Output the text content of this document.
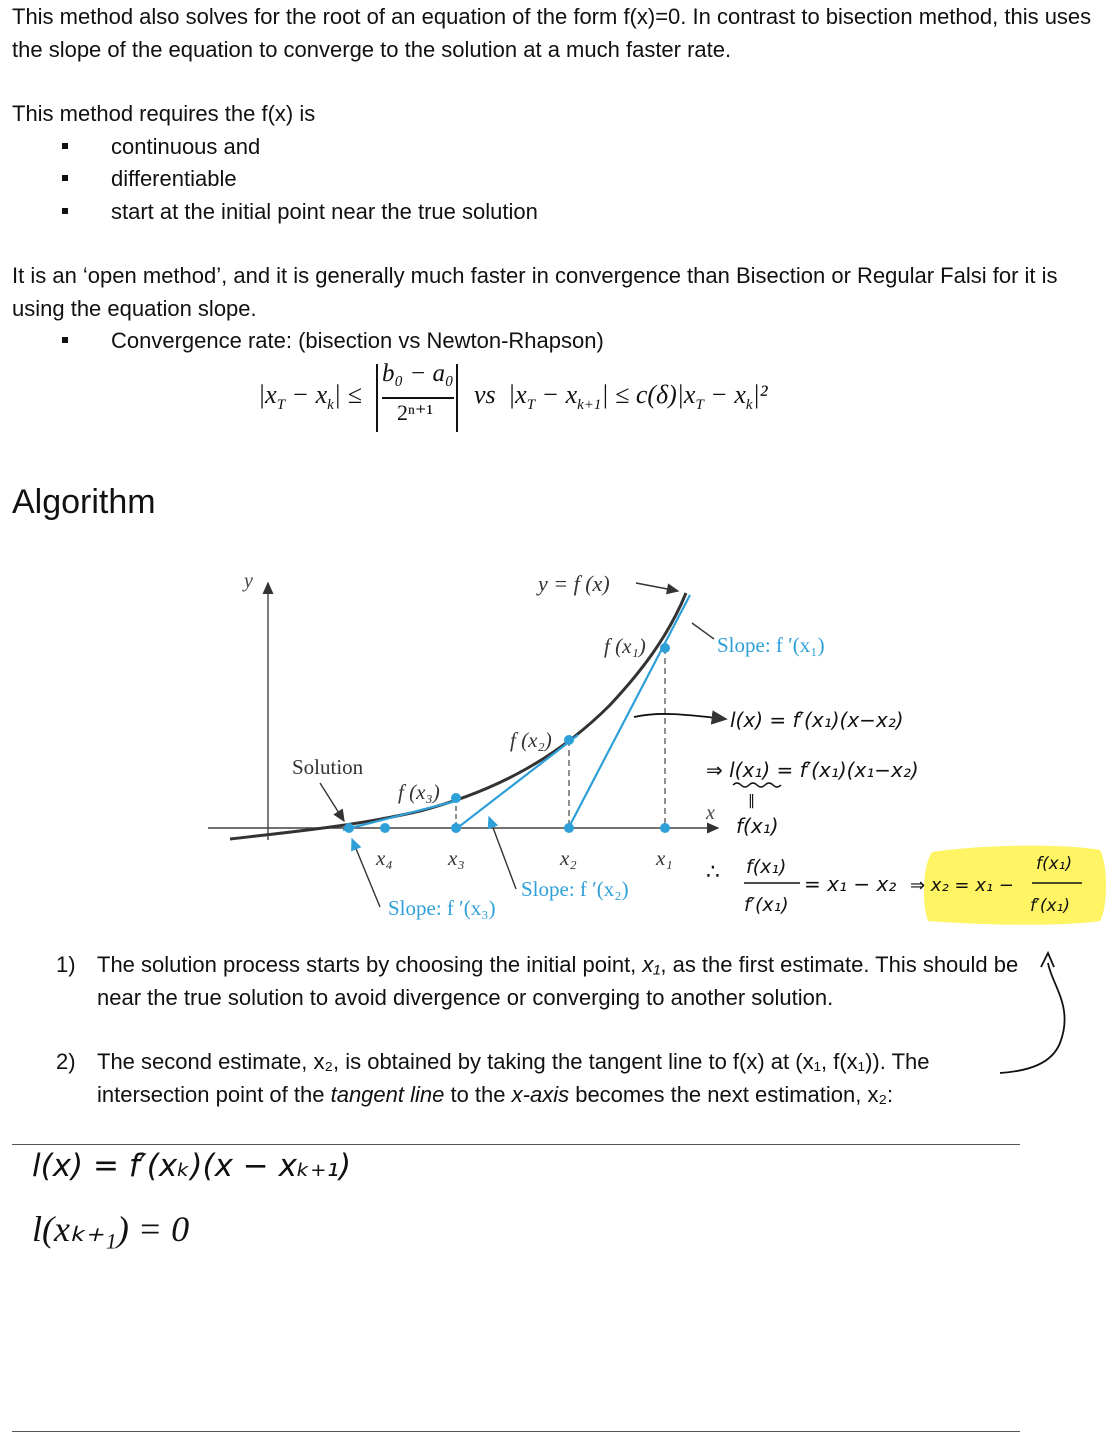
This method also solves for the root of an equation of the form f(x)=0. In contrast to bisection method, this uses the slope of the equation to converge to the solution at a much faster rate.

This method requires the f(x) is

continuous and
differentiable
start at the initial point near the true solution

It is an ‘open method’, and it is generally much faster in convergence than Bisection or Regular Falsi for it is using the equation slope.

Convergence rate: (bisection vs Newton-Rhapson)
$|x_T - x_k|$ ≤
b₀ − a₀
2ⁿ⁺¹
vs $|x_T - x_{k+1}| \le c(\delta)|x_T - x_k|^2$
Algorithm
y
x
y = f (x)
f (x₁)
f (x₂)
f (x₃)
x₄	x₃	x₂	x₁
Solution
Slope: f ′(x₁)
Slope: f ′(x₂)
Slope: f ′(x₃)
l(x) = f′(x₁)(x−x₂)
⇒ l(x₁) = f′(x₁)(x₁−x₂)
‖
f(x₁)
∴ f(x₁)
f′(x₁)
= x₁ − x₂ ⇒ x₂ = x₁ −
f(x₁)
f′(x₁)
1) The solution process starts by choosing the initial point, x₁, as the first estimate. This should be near the true solution to avoid divergence or converging to another solution.
2) The second estimate, x₂, is obtained by taking the tangent line to f(x) at (x₁, f(x₁)). The intersection point of the tangent line to the x-axis becomes the next estimation, x₂:
l(x) = f′(xₖ)(x − xₖ₊₁)
l(xₖ₊₁) = 0
